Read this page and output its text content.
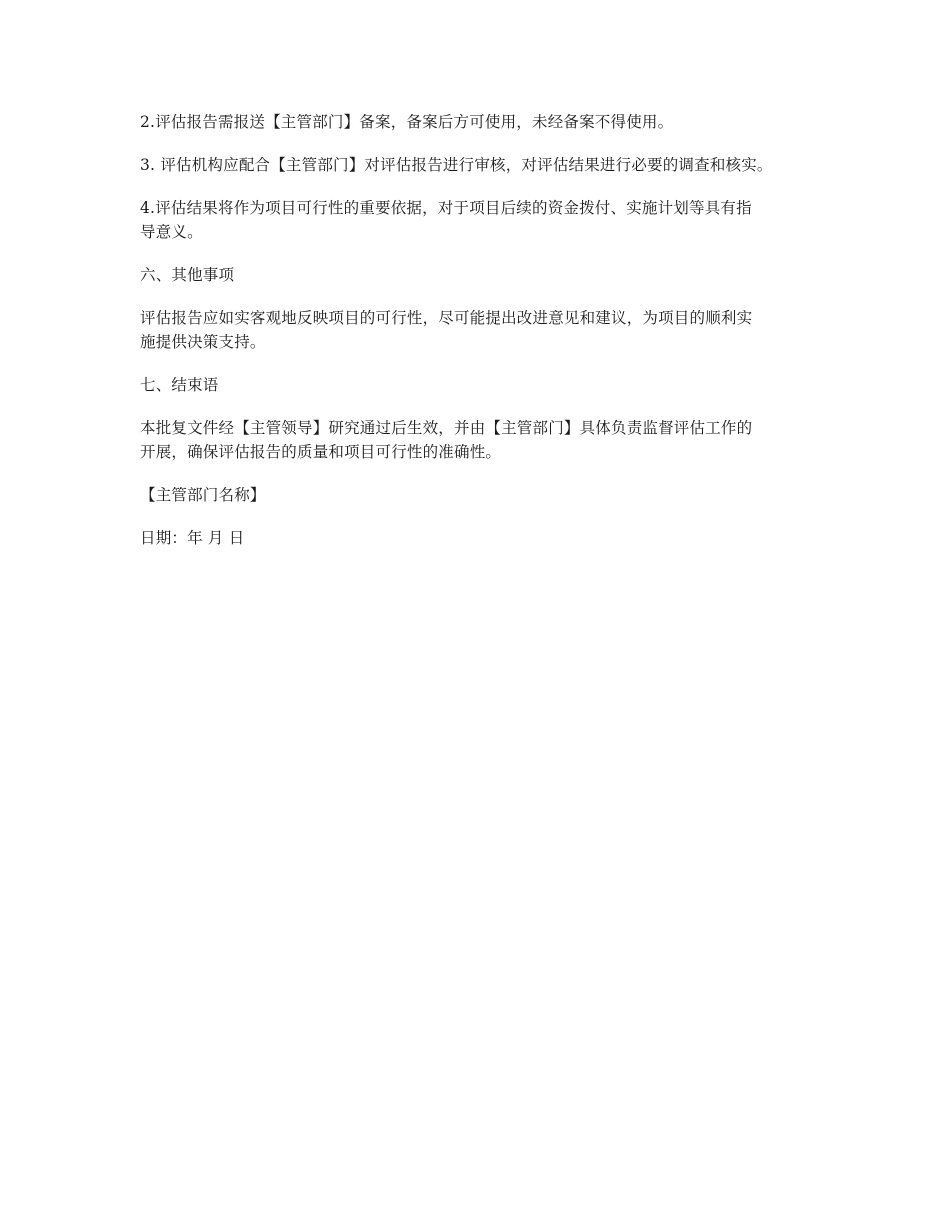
2.评估报告需报送【主管部门】备案，备案后方可使用，未经备案不得使用。

3. 评估机构应配合【主管部门】对评估报告进行审核，对评估结果进行必要的调查和核实。

4.评估结果将作为项目可行性的重要依据，对于项目后续的资金拨付、实施计划等具有指
导意义。

六、其他事项

评估报告应如实客观地反映项目的可行性，尽可能提出改进意见和建议，为项目的顺利实
施提供决策支持。

七、结束语

本批复文件经【主管领导】研究通过后生效，并由【主管部门】具体负责监督评估工作的
开展，确保评估报告的质量和项目可行性的准确性。

【主管部门名称】

日期：年 月 日
